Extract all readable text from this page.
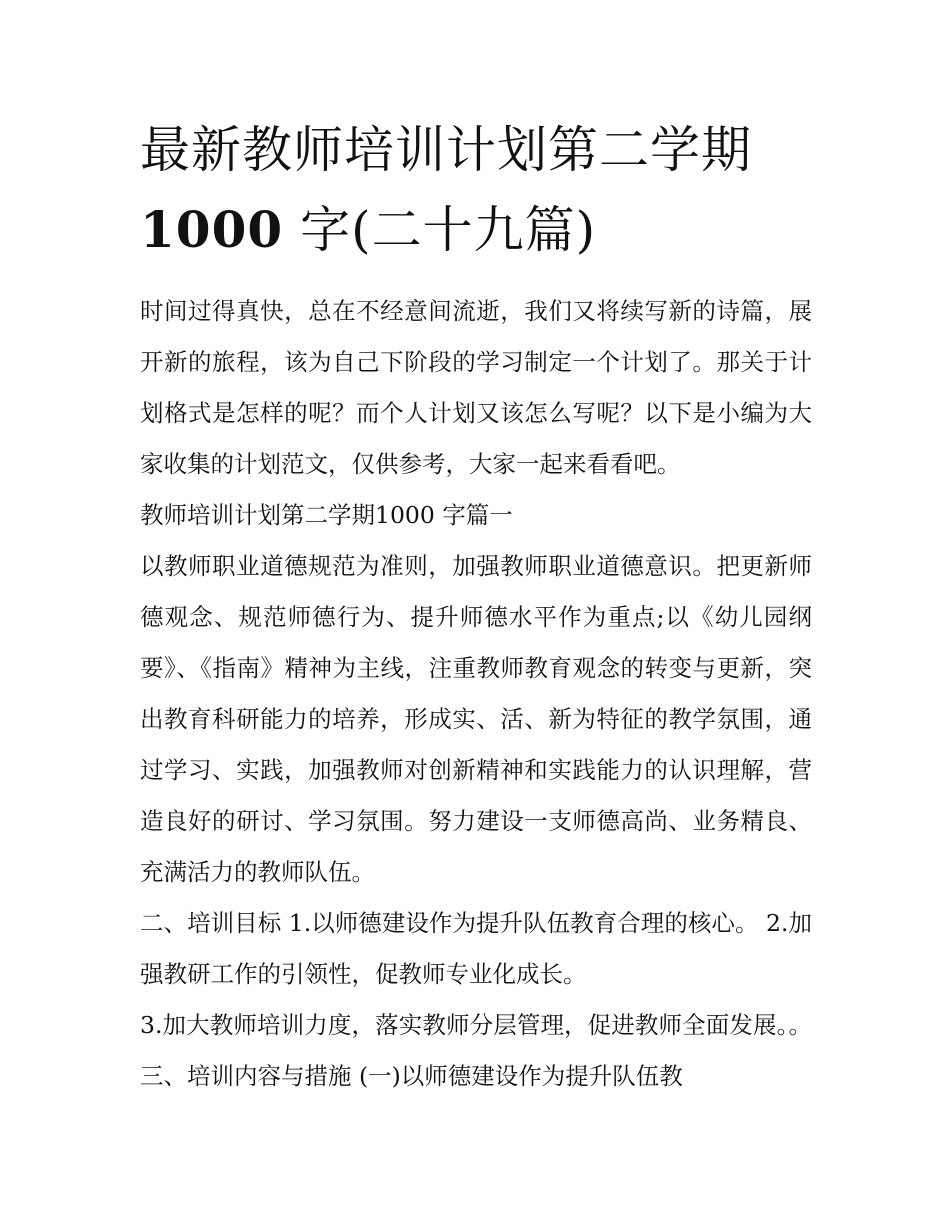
最新教师培训计划第二学期
1000 字(二十九篇)

时间过得真快，总在不经意间流逝，我们又将续写新的诗篇，展开新的旅程，该为自己下阶段的学习制定一个计划了。那关于计划格式是怎样的呢？而个人计划又该怎么写呢？以下是小编为大家收集的计划范文，仅供参考，大家一起来看看吧。

教师培训计划第二学期1000 字篇一

以教师职业道德规范为准则，加强教师职业道德意识。把更新师德观念、规范师德行为、提升师德水平作为重点;以《幼儿园纲要》、《指南》精神为主线，注重教师教育观念的转变与更新，突出教育科研能力的培养，形成实、活、新为特征的教学氛围，通过学习、实践，加强教师对创新精神和实践能力的认识理解，营造良好的研讨、学习氛围。努力建设一支师德高尚、业务精良、充满活力的教师队伍。

二、培训目标 1.以师德建设作为提升队伍教育合理的核心。 2.加强教研工作的引领性，促教师专业化成长。

3.加大教师培训力度，落实教师分层管理，促进教师全面发展。。 三、培训内容与措施 (一)以师德建设作为提升队伍教
